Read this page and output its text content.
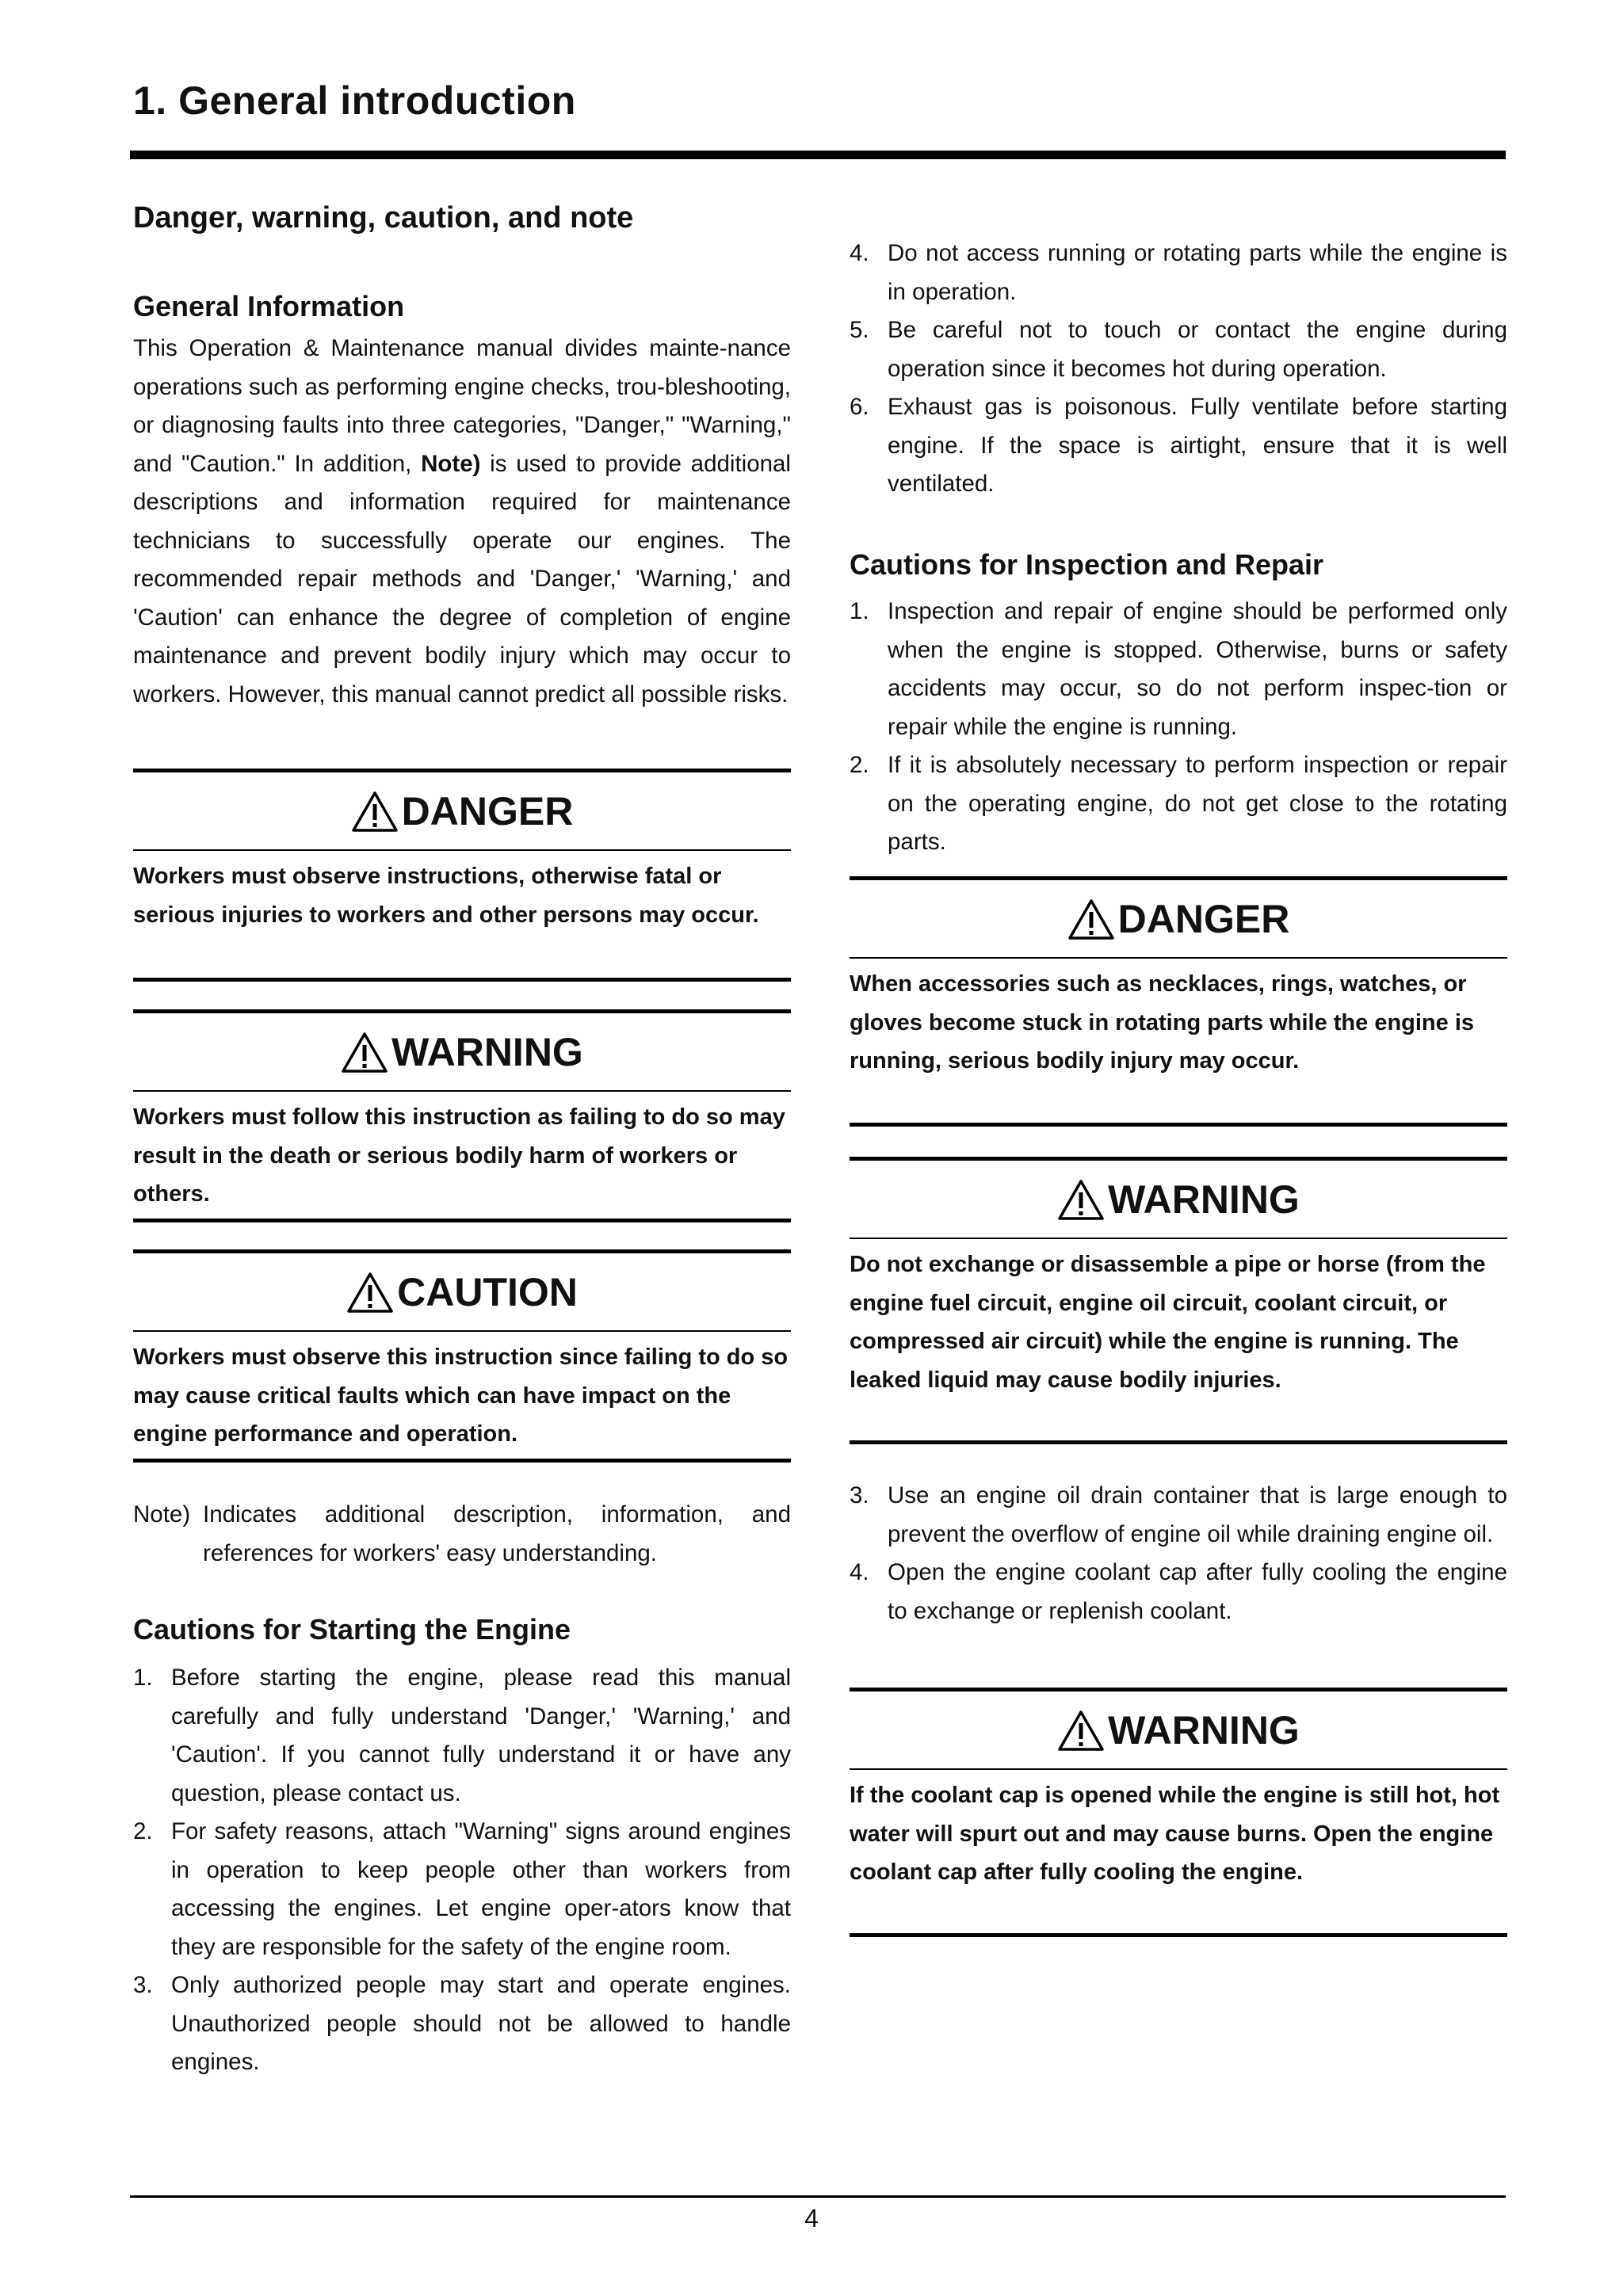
1. General introduction
Danger, warning, caution, and note
General Information
This Operation & Maintenance manual divides mainte-nance operations such as performing engine checks, trou-bleshooting, or diagnosing faults into three categories, "Danger," "Warning," and "Caution." In addition, Note) is used to provide additional descriptions and information required for maintenance technicians to successfully operate our engines. The recommended repair methods and 'Danger,' 'Warning,' and 'Caution' can enhance the degree of completion of engine maintenance and prevent bodily injury which may occur to workers. However, this manual cannot predict all possible risks.
DANGER
Workers must observe instructions, otherwise fatal or serious injuries to workers and other persons may occur.
WARNING
Workers must follow this instruction as failing to do so may result in the death or serious bodily harm of workers or others.
CAUTION
Workers must observe this instruction since failing to do so may cause critical faults which can have impact on the engine performance and operation.
Note) Indicates additional description, information, and references for workers' easy understanding.
Cautions for Starting the Engine
1. Before starting the engine, please read this manual carefully and fully understand 'Danger,' 'Warning,' and 'Caution'. If you cannot fully understand it or have any question, please contact us.
2. For safety reasons, attach "Warning" signs around engines in operation to keep people other than workers from accessing the engines. Let engine oper-ators know that they are responsible for the safety of the engine room.
3. Only authorized people may start and operate engines. Unauthorized people should not be allowed to handle engines.
4. Do not access running or rotating parts while the engine is in operation.
5. Be careful not to touch or contact the engine during operation since it becomes hot during operation.
6. Exhaust gas is poisonous. Fully ventilate before starting engine. If the space is airtight, ensure that it is well ventilated.
Cautions for Inspection and Repair
1. Inspection and repair of engine should be performed only when the engine is stopped. Otherwise, burns or safety accidents may occur, so do not perform inspec-tion or repair while the engine is running.
2. If it is absolutely necessary to perform inspection or repair on the operating engine, do not get close to the rotating parts.
DANGER
When accessories such as necklaces, rings, watches, or gloves become stuck in rotating parts while the engine is running, serious bodily injury may occur.
WARNING
Do not exchange or disassemble a pipe or horse (from the engine fuel circuit, engine oil circuit, coolant circuit, or compressed air circuit) while the engine is running. The leaked liquid may cause bodily injuries.
3. Use an engine oil drain container that is large enough to prevent the overflow of engine oil while draining engine oil.
4. Open the engine coolant cap after fully cooling the engine to exchange or replenish coolant.
WARNING
If the coolant cap is opened while the engine is still hot, hot water will spurt out and may cause burns. Open the engine coolant cap after fully cooling the engine.
4
